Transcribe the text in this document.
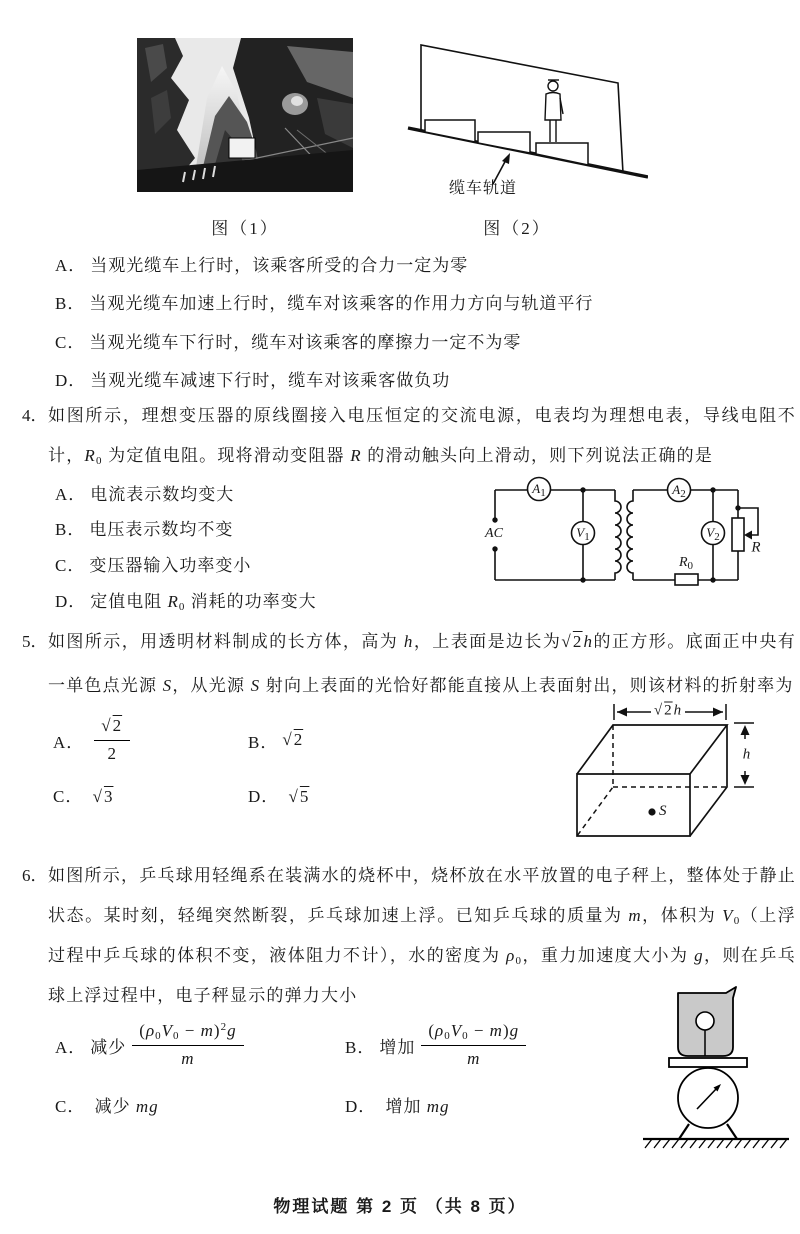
图（1）
缆车轨道
图（2）
A． 当观光缆车上行时，该乘客所受的合力一定为零
B． 当观光缆车加速上行时，缆车对该乘客的作用力方向与轨道平行
C． 当观光缆车下行时，缆车对该乘客的摩擦力一定不为零
D． 当观光缆车减速下行时，缆车对该乘客做负功
4． 如图所示，理想变压器的原线圈接入电压恒定的交流电源，电表均为理想电表，导线电阻不计，$R_0$ 为定值电阻。现将滑动变阻器 R 的滑动触头向上滑动，则下列说法正确的是
A． 电流表示数均变大
B． 电压表示数均不变
C． 变压器输入功率变小
D． 定值电阻 $R_0$ 消耗的功率变大
$A_1$
$V_1$
$A_2$
$V_2$
AC
$R_0$
R
5． 如图所示，用透明材料制成的长方体，高为 h，上表面是边长为√2h的正方形。底面正中央有一单色点光源 S，从光源 S 射向上表面的光恰好都能直接从上表面射出，则该材料的折射率为
A． $\frac{√2}{2}$	B． √2
C． √3	D． √5
√2h
h
S
6． 如图所示，乒乓球用轻绳系在装满水的烧杯中，烧杯放在水平放置的电子秤上，整体处于静止状态。某时刻，轻绳突然断裂，乒乓球加速上浮。已知乒乓球的质量为 m，体积为 $V_0$（上浮过程中乒乓球的体积不变，液体阻力不计），水的密度为 $\rho_0$，重力加速度大小为 g，则在乒乓球上浮过程中，电子秤显示的弹力大小
A． 减少 $\frac{(\rho_0V_0 - m)^2g}{m}$	B． 增加 $\frac{(\rho_0V_0 - m)g}{m}$
C． 减少 mg	D． 增加 mg
物理试题 第 2 页 （共 8 页）
